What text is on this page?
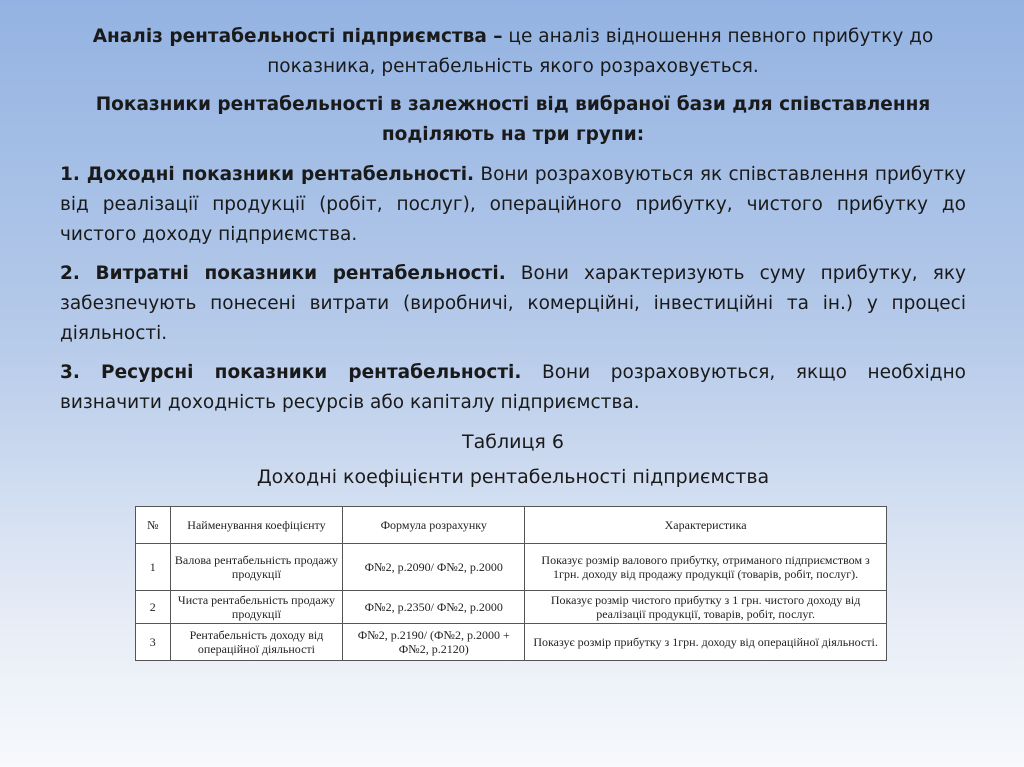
Аналіз рентабельності підприємства – це аналіз відношення певного прибутку до показника, рентабельність якого розраховується.

Показники рентабельності в залежності від вибраної бази для співставлення поділяють на три групи:

1. Доходні показники рентабельності. Вони розраховуються як співставлення прибутку від реалізації продукції (робіт, послуг), операційного прибутку, чистого прибутку до чистого доходу підприємства.

2. Витратні показники рентабельності. Вони характеризують суму прибутку, яку забезпечують понесені витрати (виробничі, комерційні, інвестиційні та ін.) у процесі діяльності.

3. Ресурсні показники рентабельності. Вони розраховуються, якщо необхідно визначити доходність ресурсів або капіталу підприємства.

Таблиця 6

Доходні коефіцієнти рентабельності підприємства

№	Найменування коефіцієнту	Формула розрахунку	Характеристика
1	Валова рентабельність продажу продукції	Ф№2, р.2090/ Ф№2, р.2000	Показує розмір валового прибутку, отриманого підприємством з 1грн. доходу від продажу продукції (товарів, робіт, послуг).
2	Чиста рентабельність продажу продукції	Ф№2, р.2350/ Ф№2, р.2000	Показує розмір чистого прибутку з 1 грн. чистого доходу від реалізації продукції, товарів, робіт, послуг.
3	Рентабельність доходу від операційної діяльності	Ф№2, р.2190/ (Ф№2, р.2000 + Ф№2, р.2120)	Показує розмір прибутку з 1грн. доходу від операційної діяльності.
